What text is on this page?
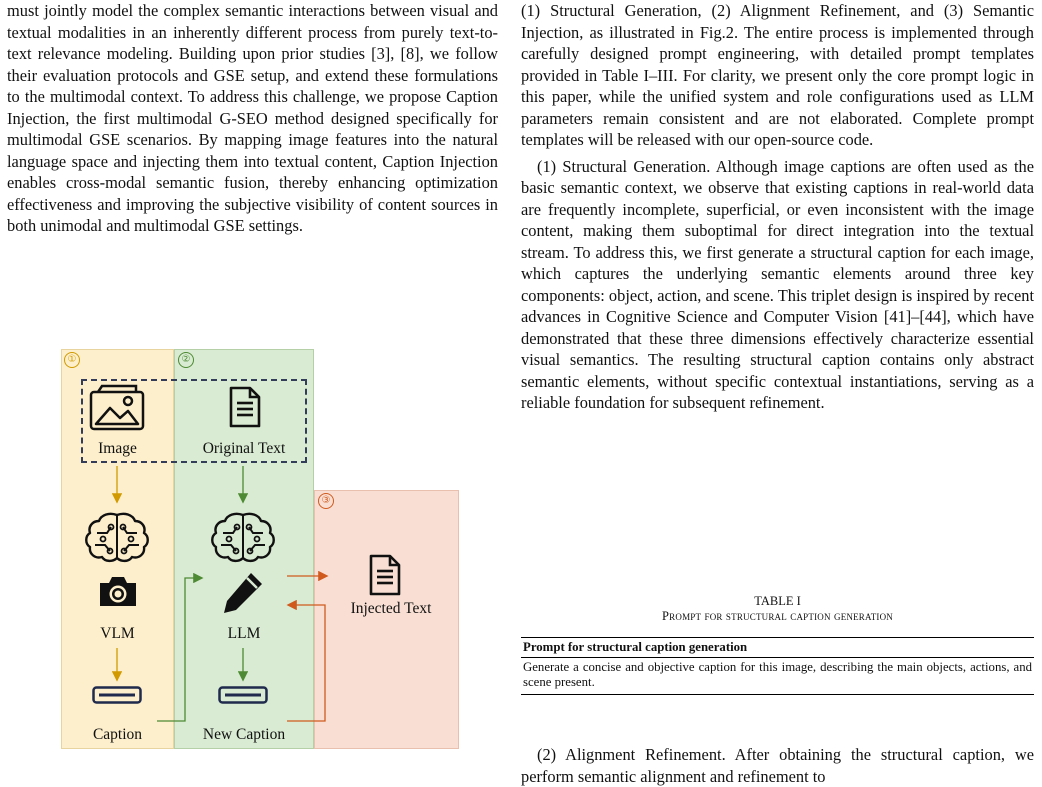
must jointly model the complex semantic interactions between visual and textual modalities in an inherently different process from purely text-to-text relevance modeling. Building upon prior studies [3], [8], we follow their evaluation protocols and GSE setup, and extend these formulations to the multimodal context. To address this challenge, we propose Caption Injection, the first multimodal G-SEO method designed specifically for multimodal GSE scenarios. By mapping image features into the natural language space and injecting them into textual content, Caption Injection enables cross-modal semantic fusion, thereby enhancing optimization effectiveness and improving the subjective visibility of content sources in both unimodal and multimodal GSE settings.

①	②
③
Image	Original Text
VLM	LLM
Caption	New Caption
Injected Text

(1) Structural Generation, (2) Alignment Refinement, and (3) Semantic Injection, as illustrated in Fig.2. The entire process is implemented through carefully designed prompt engineering, with detailed prompt templates provided in Table I–III. For clarity, we present only the core prompt logic in this paper, while the unified system and role configurations used as LLM parameters remain consistent and are not elaborated. Complete prompt templates will be released with our open-source code.

(1) Structural Generation. Although image captions are often used as the basic semantic context, we observe that existing captions in real-world data are frequently incomplete, superficial, or even inconsistent with the image content, making them suboptimal for direct integration into the textual stream. To address this, we first generate a structural caption for each image, which captures the underlying semantic elements around three key components: object, action, and scene. This triplet design is inspired by recent advances in Cognitive Science and Computer Vision [41]–[44], which have demonstrated that these three dimensions effectively characterize essential visual semantics. The resulting structural caption contains only abstract semantic elements, without specific contextual instantiations, serving as a reliable foundation for subsequent refinement.

TABLE I
Prompt for structural caption generation
Prompt for structural caption generation
Generate a concise and objective caption for this image, describing the main objects, actions, and scene present.

(2) Alignment Refinement. After obtaining the structural caption, we perform semantic alignment and refinement to
